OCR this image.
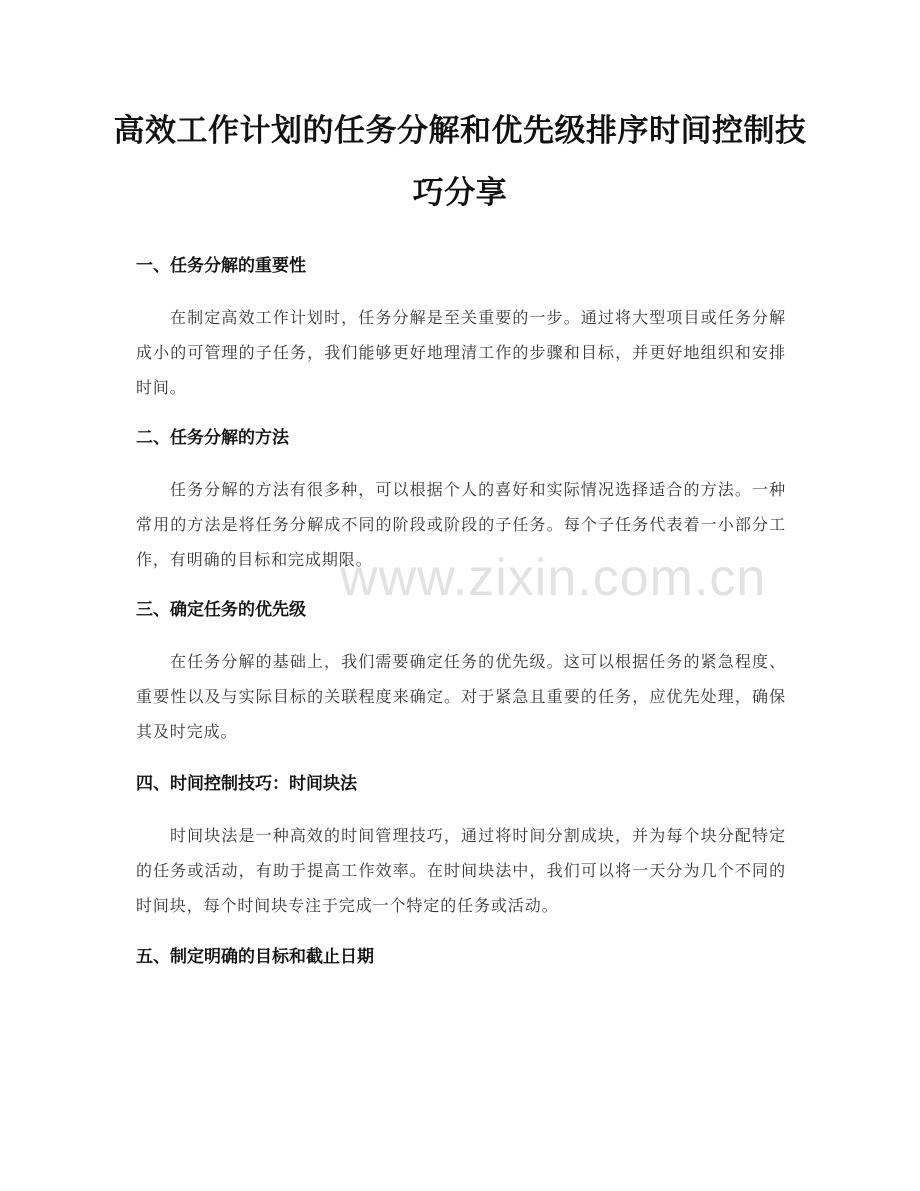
高效工作计划的任务分解和优先级排序时间控制技巧分享
一、任务分解的重要性
在制定高效工作计划时，任务分解是至关重要的一步。通过将大型项目或任务分解成小的可管理的子任务，我们能够更好地理清工作的步骤和目标，并更好地组织和安排时间。
二、任务分解的方法
任务分解的方法有很多种，可以根据个人的喜好和实际情况选择适合的方法。一种常用的方法是将任务分解成不同的阶段或阶段的子任务。每个子任务代表着一小部分工作，有明确的目标和完成期限。
三、确定任务的优先级
在任务分解的基础上，我们需要确定任务的优先级。这可以根据任务的紧急程度、重要性以及与实际目标的关联程度来确定。对于紧急且重要的任务，应优先处理，确保其及时完成。
四、时间控制技巧：时间块法
时间块法是一种高效的时间管理技巧，通过将时间分割成块，并为每个块分配特定的任务或活动，有助于提高工作效率。在时间块法中，我们可以将一天分为几个不同的时间块，每个时间块专注于完成一个特定的任务或活动。
五、制定明确的目标和截止日期
www.zixin.com.cn
